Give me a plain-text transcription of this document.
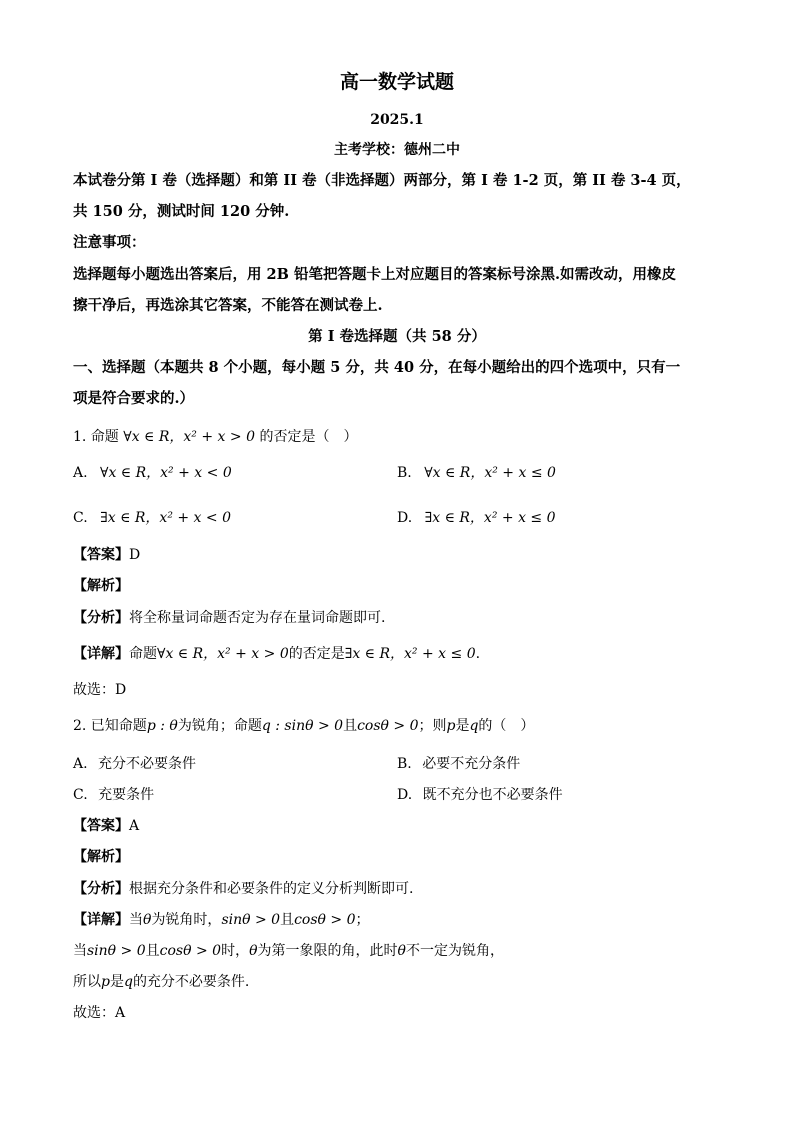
高一数学试题
2025.1
主考学校：德州二中
本试卷分第 I 卷（选择题）和第 II 卷（非选择题）两部分，第 I 卷 1-2 页，第 II 卷 3-4 页，
共 150 分，测试时间 120 分钟.
注意事项：
选择题每小题选出答案后，用 2B 铅笔把答题卡上对应题目的答案标号涂黑.如需改动，用橡皮
擦干净后，再选涂其它答案，不能答在测试卷上.
第 I 卷选择题（共 58 分）
一、选择题（本题共 8 个小题，每小题 5 分，共 40 分，在每小题给出的四个选项中，只有一
项是符合要求的.）
1. 命题 ∀x ∈ R，x² + x > 0 的否定是（　）
A. ∀x ∈ R，x² + x < 0	B. ∀x ∈ R，x² + x ≤ 0
C. ∃x ∈ R，x² + x < 0	D. ∃x ∈ R，x² + x ≤ 0
【答案】D
【解析】
【分析】将全称量词命题否定为存在量词命题即可.
【详解】命题∀x ∈ R，x² + x > 0的否定是∃x ∈ R，x² + x ≤ 0.
故选：D
2. 已知命题p : θ为锐角；命题q : sinθ > 0且cosθ > 0；则p是q的（　）
A. 充分不必要条件	B. 必要不充分条件
C. 充要条件	D. 既不充分也不必要条件
【答案】A
【解析】
【分析】根据充分条件和必要条件的定义分析判断即可.
【详解】当θ为锐角时，sinθ > 0且cosθ > 0；
当sinθ > 0且cosθ > 0时，θ为第一象限的角，此时θ不一定为锐角，
所以p是q的充分不必要条件.
故选：A
